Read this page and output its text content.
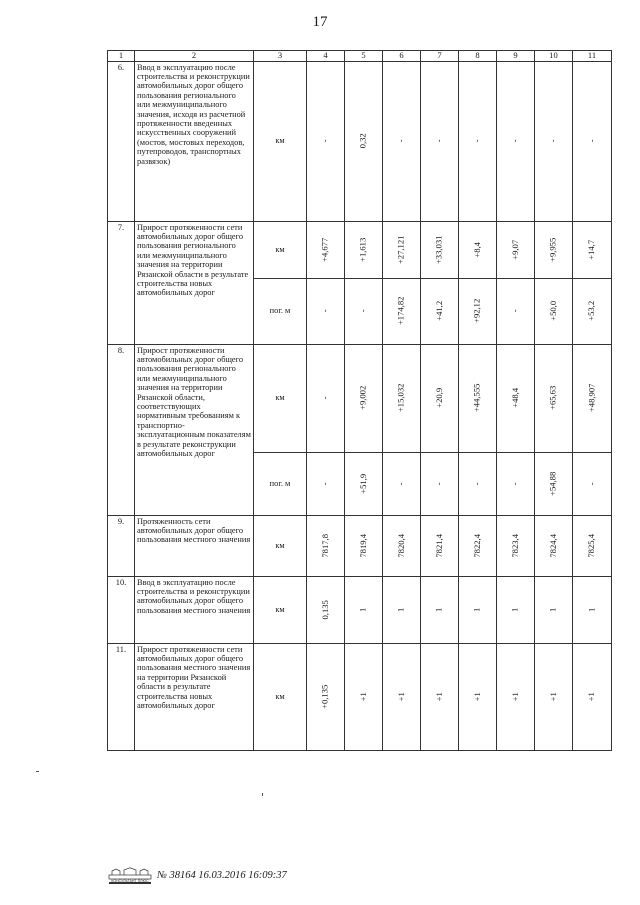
17
1	2	3	4	5	6	7	8	9	10	11
6.	Ввод в эксплуатацию после строительства и реконструкции автомобильных дорог общего пользования регионального или межмуниципального значения, исходя из расчетной протяженности введенных искусственных сооружений (мостов, мостовых переходов, путепроводов, транспортных развязок)	км	-	0,32	-	-	-	-	-	-
7.	Прирост протяженности сети автомобильных дорог общего пользования регионального или межмуниципального значения на территории Рязанской области в результате строительства новых автомобильных дорог	км	+4,677	+1,613	+27,121	+33,031	+8,4	+9,07	+9,955	+14,7
		пог. м	-	-	+174,82	+41,2	+92,12	-	+50,0	+53,2
8.	Прирост протяженности автомобильных дорог общего пользования регионального или межмуниципального значения на территории Рязанской области, соответствующих нормативным требованиям к транспортно-эксплуатационным показателям в результате реконструкции автомобильных дорог	км	-	+9,002	+15,032	+20,9	+44,555	+48,4	+65,63	+48,907
		пог. м	-	+51,9	-	-	-	-	+54,88	-
9.	Протяженность сети автомобильных дорог общего пользования местного значения	км	7817,8	7819,4	7820,4	7821,4	7822,4	7823,4	7824,4	7825,4
10.	Ввод в эксплуатацию после строительства и реконструкции автомобильных дорог общего пользования местного значения	км	0,135	1	1	1	1	1	1	1
11.	Прирост протяженности сети автомобильных дорог общего пользования местного значения на территории Рязанской области в результате строительства новых автомобильных дорог	км	+0,135	+1	+1	+1	+1	+1	+1	+1
КОНСУЛЬТАНТ ПЛЮС № 38164 16.03.2016 16:09:37
